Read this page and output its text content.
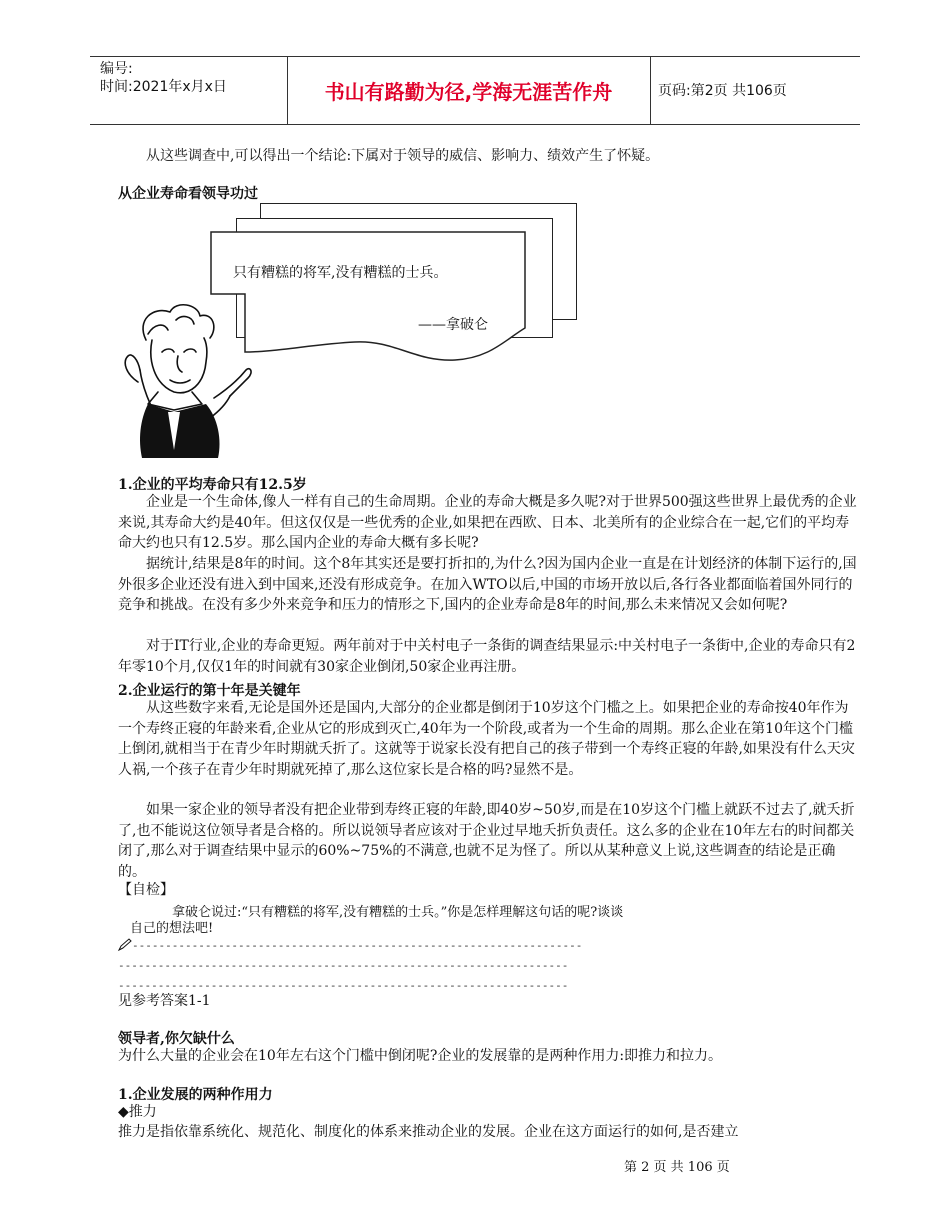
编号:
时间:2021年x月x日	书山有路勤为径,学海无涯苦作舟	页码:第2页 共106页
从这些调查中,可以得出一个结论:下属对于领导的威信、影响力、绩效产生了怀疑。
从企业寿命看领导功过
只有糟糕的将军,没有糟糕的士兵。
——拿破仑
1.企业的平均寿命只有12.5岁
企业是一个生命体,像人一样有自己的生命周期。企业的寿命大概是多久呢?对于世界500强这些世界上最优秀的企业来说,其寿命大约是40年。但这仅仅是一些优秀的企业,如果把在西欧、日本、北美所有的企业综合在一起,它们的平均寿命大约也只有12.5岁。那么国内企业的寿命大概有多长呢?
据统计,结果是8年的时间。这个8年其实还是要打折扣的,为什么?因为国内企业一直是在计划经济的体制下运行的,国外很多企业还没有进入到中国来,还没有形成竞争。在加入WTO以后,中国的市场开放以后,各行各业都面临着国外同行的竞争和挑战。在没有多少外来竞争和压力的情形之下,国内的企业寿命是8年的时间,那么未来情况又会如何呢?
对于IT行业,企业的寿命更短。两年前对于中关村电子一条街的调查结果显示:中关村电子一条街中,企业的寿命只有2年零10个月,仅仅1年的时间就有30家企业倒闭,50家企业再注册。
2.企业运行的第十年是关键年
从这些数字来看,无论是国外还是国内,大部分的企业都是倒闭于10岁这个门槛之上。如果把企业的寿命按40年作为一个寿终正寝的年龄来看,企业从它的形成到灭亡,40年为一个阶段,或者为一个生命的周期。那么企业在第10年这个门槛上倒闭,就相当于在青少年时期就夭折了。这就等于说家长没有把自己的孩子带到一个寿终正寝的年龄,如果没有什么天灾人祸,一个孩子在青少年时期就死掉了,那么这位家长是合格的吗?显然不是。
如果一家企业的领导者没有把企业带到寿终正寝的年龄,即40岁~50岁,而是在10岁这个门槛上就跃不过去了,就夭折了,也不能说这位领导者是合格的。所以说领导者应该对于企业过早地夭折负责任。这么多的企业在10年左右的时间都关闭了,那么对于调查结果中显示的60%~75%的不满意,也就不足为怪了。所以从某种意义上说,这些调查的结论是正确的。
【自检】
拿破仑说过:“只有糟糕的将军,没有糟糕的士兵。”你是怎样理解这句话的呢?谈谈
自己的想法吧!
--------------------------------------------------------------------
--------------------------------------------------------------------
--------------------------------------------------------------------
见参考答案1-1
领导者,你欠缺什么
为什么大量的企业会在10年左右这个门槛中倒闭呢?企业的发展靠的是两种作用力:即推力和拉力。
1.企业发展的两种作用力
◆推力
推力是指依靠系统化、规范化、制度化的体系来推动企业的发展。企业在这方面运行的如何,是否建立
第 2 页 共 106 页
